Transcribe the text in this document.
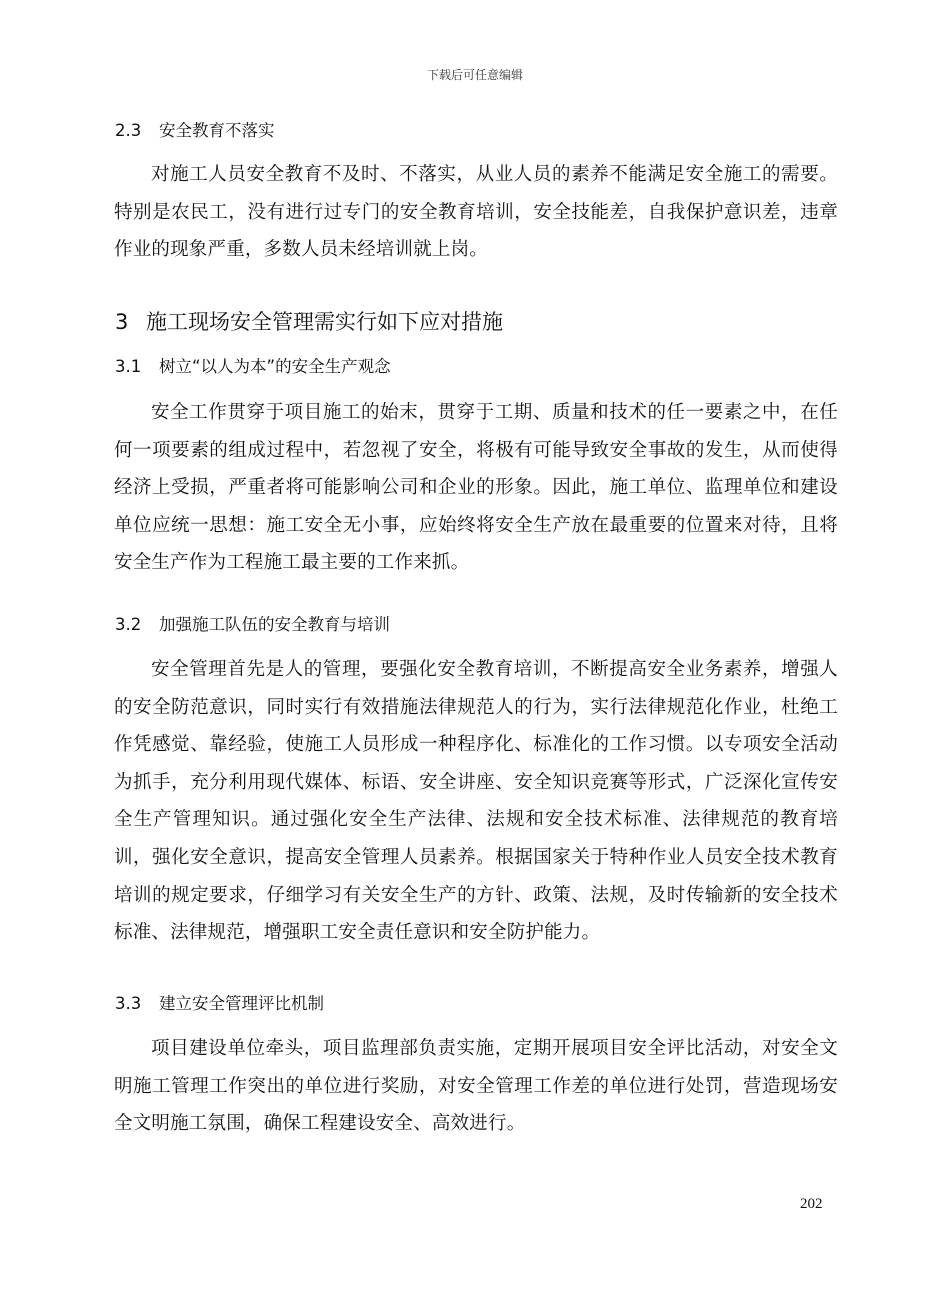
下载后可任意编辑
2.3 安全教育不落实

对施工人员安全教育不及时、不落实，从业人员的素养不能满足安全施工的需要。特别是农民工，没有进行过专门的安全教育培训，安全技能差，自我保护意识差，违章作业的现象严重，多数人员未经培训就上岗。

3 施工现场安全管理需实行如下应对措施
3.1 树立“以人为本”的安全生产观念

安全工作贯穿于项目施工的始末，贯穿于工期、质量和技术的任一要素之中，在任何一项要素的组成过程中，若忽视了安全，将极有可能导致安全事故的发生，从而使得经济上受损，严重者将可能影响公司和企业的形象。因此，施工单位、监理单位和建设单位应统一思想：施工安全无小事，应始终将安全生产放在最重要的位置来对待，且将安全生产作为工程施工最主要的工作来抓。

3.2 加强施工队伍的安全教育与培训

安全管理首先是人的管理，要强化安全教育培训，不断提高安全业务素养，增强人的安全防范意识，同时实行有效措施法律规范人的行为，实行法律规范化作业，杜绝工作凭感觉、靠经验，使施工人员形成一种程序化、标准化的工作习惯。以专项安全活动为抓手，充分利用现代媒体、标语、安全讲座、安全知识竞赛等形式，广泛深化宣传安全生产管理知识。通过强化安全生产法律、法规和安全技术标准、法律规范的教育培训，强化安全意识，提高安全管理人员素养。根据国家关于特种作业人员安全技术教育培训的规定要求，仔细学习有关安全生产的方针、政策、法规，及时传输新的安全技术标准、法律规范，增强职工安全责任意识和安全防护能力。

3.3 建立安全管理评比机制

项目建设单位牵头，项目监理部负责实施，定期开展项目安全评比活动，对安全文明施工管理工作突出的单位进行奖励，对安全管理工作差的单位进行处罚，营造现场安全文明施工氛围，确保工程建设安全、高效进行。

202
